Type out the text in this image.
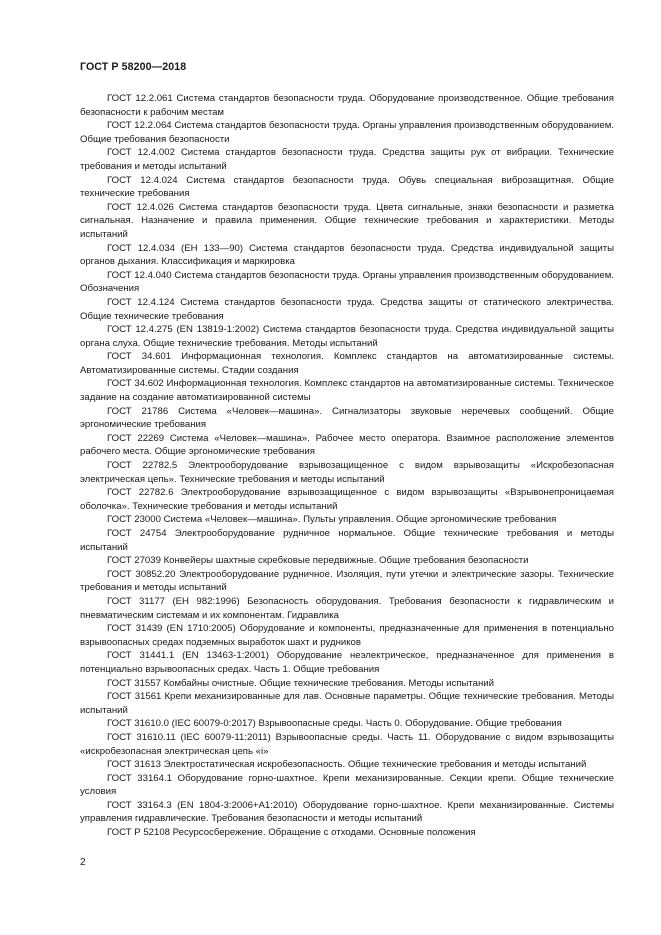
ГОСТ Р 58200—2018

ГОСТ 12.2.061 Система стандартов безопасности труда. Оборудование производственное. Общие требования безопасности к рабочим местам

ГОСТ 12.2.064 Система стандартов безопасности труда. Органы управления производственным оборудованием. Общие требования безопасности

ГОСТ 12.4.002 Система стандартов безопасности труда. Средства защиты рук от вибрации. Технические требования и методы испытаний

ГОСТ 12.4.024 Система стандартов безопасности труда. Обувь специальная виброзащитная. Общие технические требования

ГОСТ 12.4.026 Система стандартов безопасности труда. Цвета сигнальные, знаки безопасности и разметка сигнальная. Назначение и правила применения. Общие технические требования и характеристики. Методы испытаний

ГОСТ 12.4.034 (EH 133—90) Система стандартов безопасности труда. Средства индивидуальной защиты органов дыхания. Классификация и маркировка

ГОСТ 12.4.040 Система стандартов безопасности труда. Органы управления производственным оборудованием. Обозначения

ГОСТ 12.4.124 Система стандартов безопасности труда. Средства защиты от статического электричества. Общие технические требования

ГОСТ 12.4.275 (EN 13819-1:2002) Система стандартов безопасности труда. Средства индивидуальной защиты органа слуха. Общие технические требования. Методы испытаний

ГОСТ 34.601 Информационная технология. Комплекс стандартов на автоматизированные системы. Автоматизированные системы. Стадии создания

ГОСТ 34.602 Информационная технология. Комплекс стандартов на автоматизированные системы. Техническое задание на создание автоматизированной системы

ГОСТ 21786 Система «Человек—машина». Сигнализаторы звуковые неречевых сообщений. Общие эргономические требования

ГОСТ 22269 Система «Человек—машина». Рабочее место оператора. Взаимное расположение элементов рабочего места. Общие эргономические требования

ГОСТ 22782.5 Электрооборудование взрывозащищенное с видом взрывозащиты «Искробезопасная электрическая цепь». Технические требования и методы испытаний

ГОСТ 22782.6 Электрооборудование взрывозащищенное с видом взрывозащиты «Взрывонепроницаемая оболочка». Технические требования и методы испытаний

ГОСТ 23000 Система «Человек—машина». Пульты управления. Общие эргономические требования

ГОСТ 24754 Электрооборудование рудничное нормальное. Общие технические требования и методы испытаний

ГОСТ 27039 Конвейеры шахтные скребковые передвижные. Общие требования безопасности

ГОСТ 30852.20 Электрооборудование рудничное. Изоляция, пути утечки и электрические зазоры. Технические требования и методы испытаний

ГОСТ 31177 (EH 982:1996) Безопасность оборудования. Требования безопасности к гидравлическим и пневматическим системам и их компонентам. Гидравлика

ГОСТ 31439 (EN 1710:2005) Оборудование и компоненты, предназначенные для применения в потенциально взрывоопасных средах подземных выработок шахт и рудников

ГОСТ 31441.1 (EN 13463-1:2001) Оборудование неэлектрическое, предназначенное для применения в потенциально взрывоопасных средах. Часть 1. Общие требования

ГОСТ 31557 Комбайны очистные. Общие технические требования. Методы испытаний

ГОСТ 31561 Крепи механизированные для лав. Основные параметры. Общие технические требования. Методы испытаний

ГОСТ 31610.0 (IEC 60079-0:2017) Взрывоопасные среды. Часть 0. Оборудование. Общие требования

ГОСТ 31610.11 (IEC 60079-11:2011) Взрывоопасные среды. Часть 11. Оборудование с видом взрывозащиты «искробезопасная электрическая цепь «i»

ГОСТ 31613 Электростатическая искробезопасность. Общие технические требования и методы испытаний

ГОСТ 33164.1 Оборудование горно-шахтное. Крепи механизированные. Секции крепи. Общие технические условия

ГОСТ 33164.3 (EN 1804-3:2006+A1:2010) Оборудование горно-шахтное. Крепи механизированные. Системы управления гидравлические. Требования безопасности и методы испытаний

ГОСТ Р 52108 Ресурсосбережение. Обращение с отходами. Основные положения

2
